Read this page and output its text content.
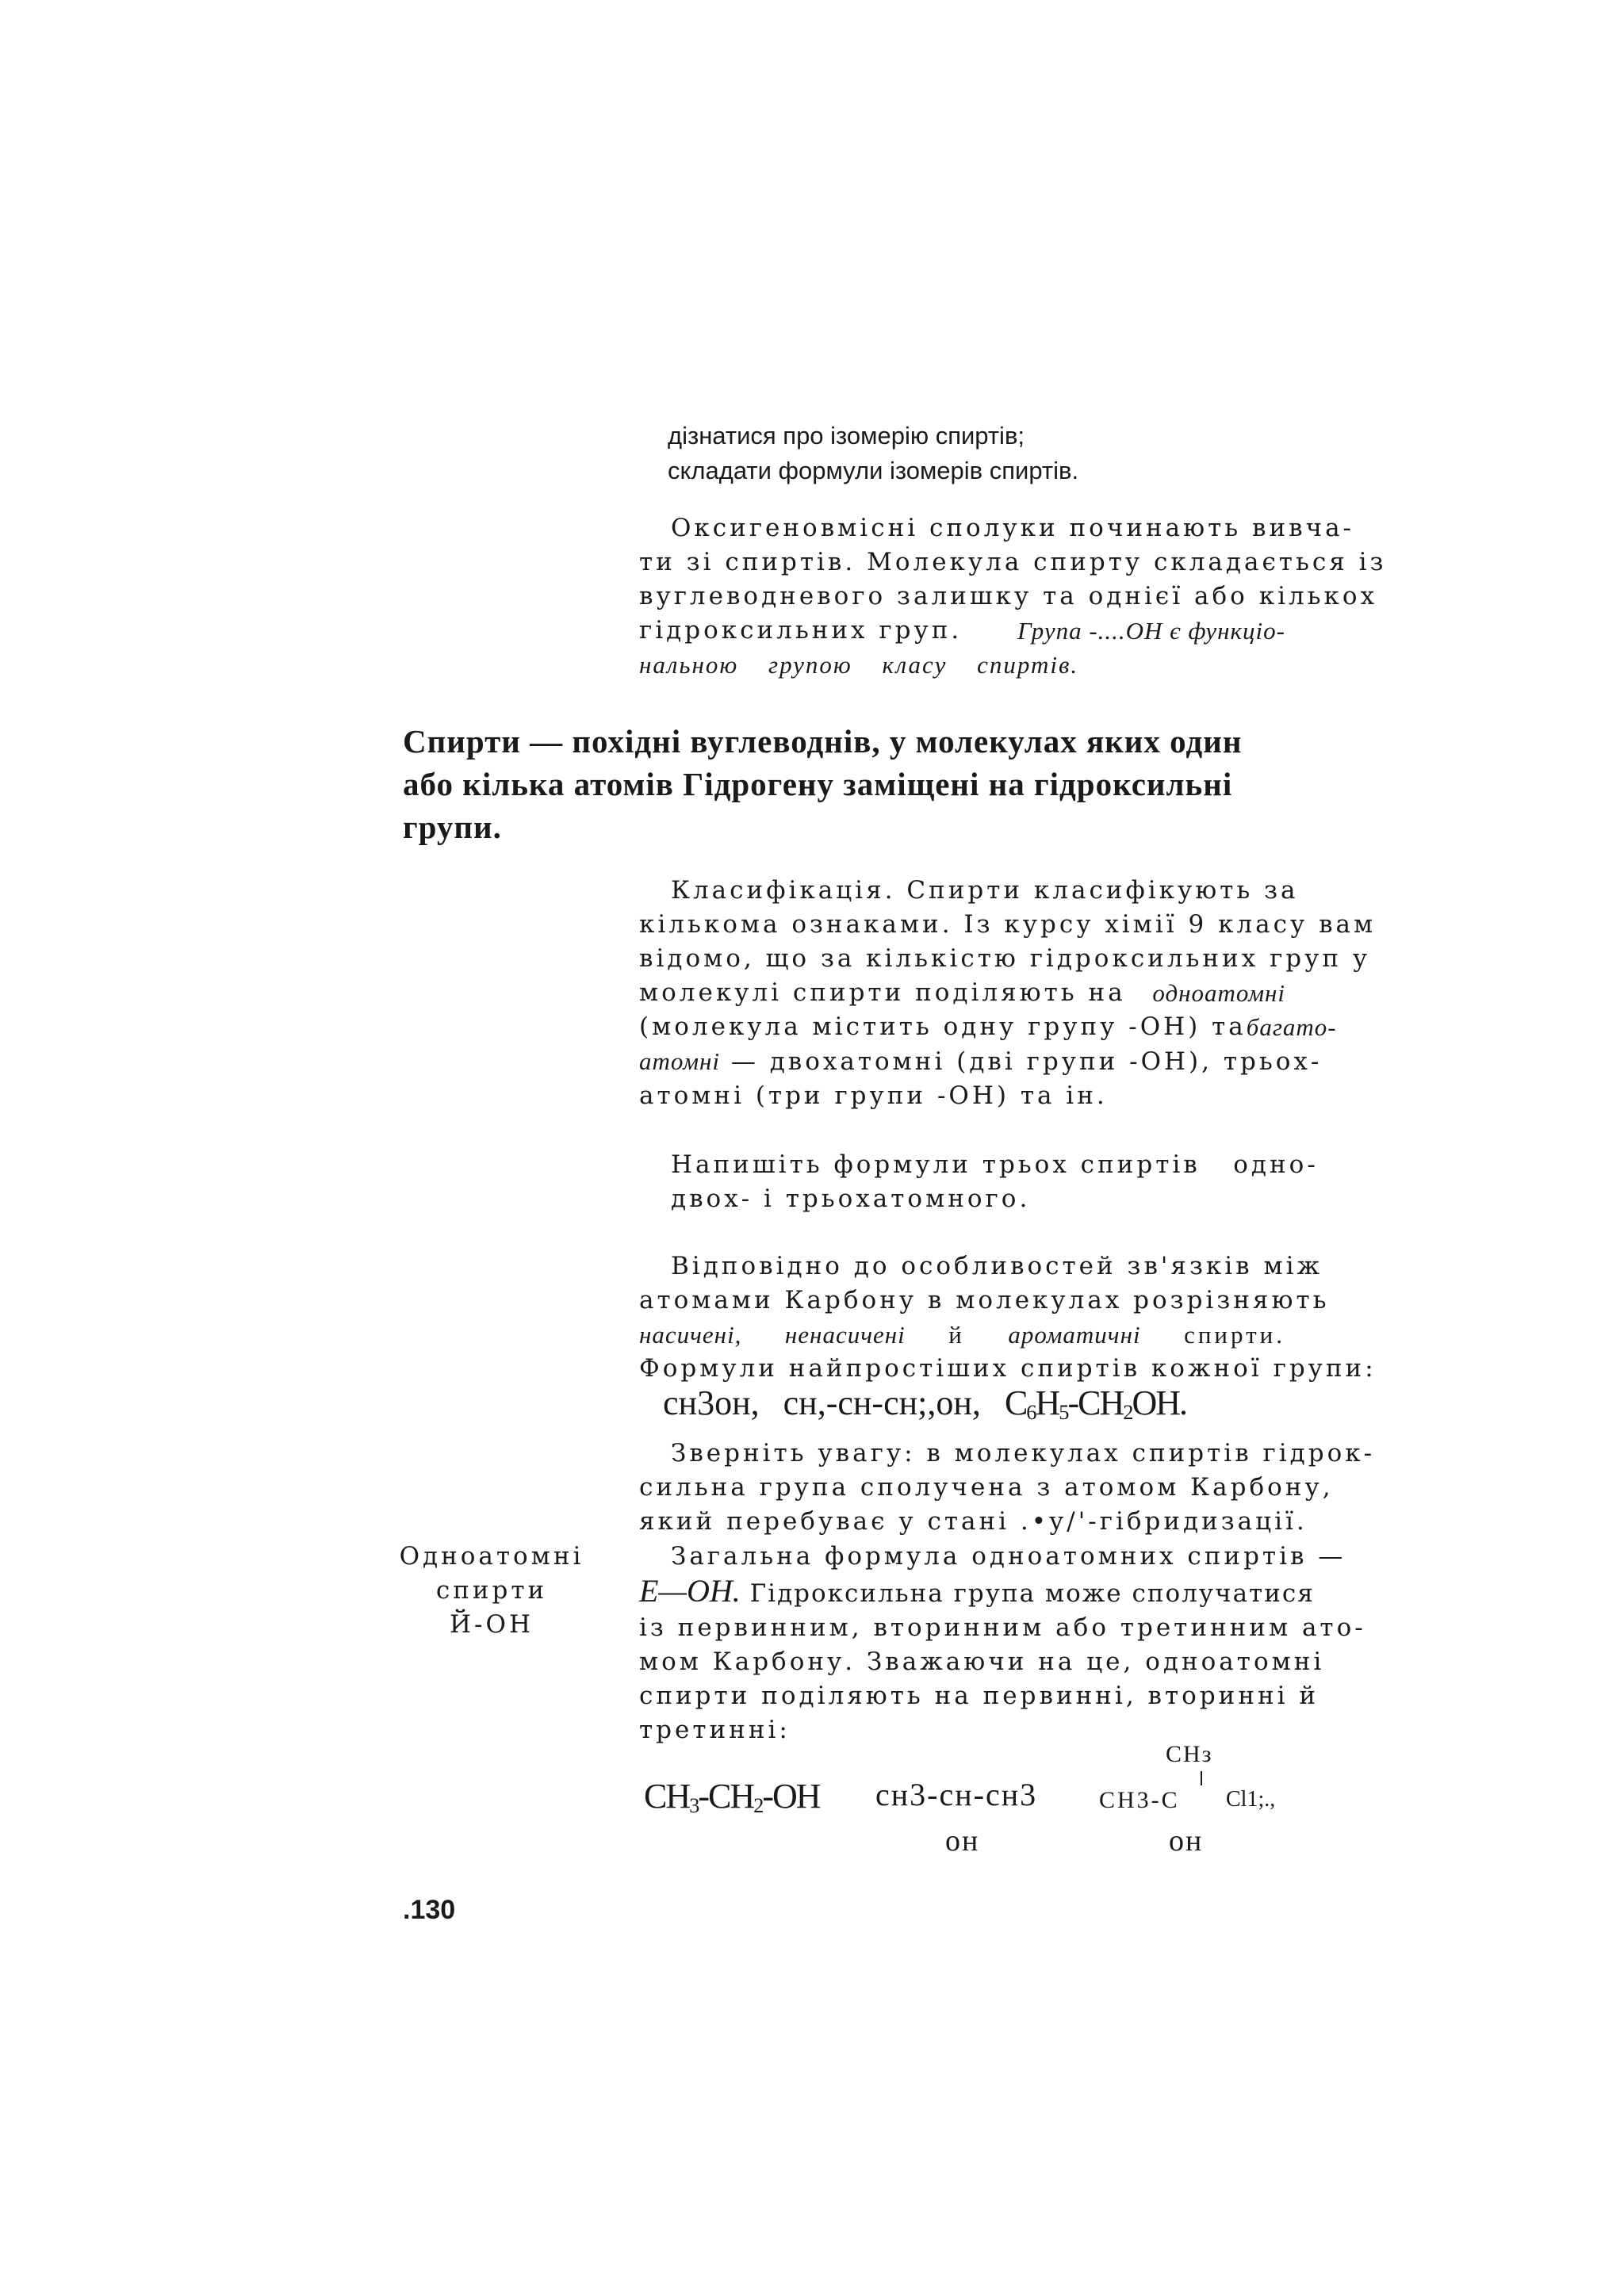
дізнатися про ізомерію спиртів;
складати формули ізомерів спиртів.
Оксигеновмісні сполуки починають вивча-
ти зі спиртів. Молекула спирту складається із
вуглеводневого залишку та однієї або кількох
гідроксильних груп. Група -....ОН є функціо-
нальною групою класу спиртів.
Спирти — похідні вуглеводнів, у молекулах яких один
або кілька атомів Гідрогену заміщені на гідроксильні
групи.
Класифікація. Спирти класифікують за
кількома ознаками. Із курсу хімії 9 класу вам
відомо, що за кількістю гідроксильних груп у
молекулі спирти поділяють на одноатомні
(молекула містить одну групу -ОН) та багато-
атомні — двохатомні (дві групи -ОН), трьох-
атомні (три групи -ОН) та ін.
Напишіть формули трьох спиртів   одно-
двох- і трьохатомного.
Відповідно до особливостей зв'язків між
атомами Карбону в молекулах розрізняють
насичені, ненасичені й ароматичні спирти.
Формули найпростіших спиртів кожної групи:
сн3он, сн,-сн-сн;,он, $C_6H_5-CH_2OH$.
Зверніть увагу: в молекулах спиртів гідрок-
сильна група сполучена з атомом Карбону,
який перебуває у стані .•у/'-гібридизації.
Одноатомні
спирти
Й-ОН
Загальна формула одноатомних спиртів —
E—OH. Гідроксильна група може сполучатися
із первинним, вторинним або третинним ато-
мом Карбону. Зважаючи на це, одноатомні
спирти поділяють на первинні, вторинні й
третинні:
$CH_3-CH_2-OH$ сн3-сн-сн3
он
СНз
СН3-С Cl1;.,
он
.130
